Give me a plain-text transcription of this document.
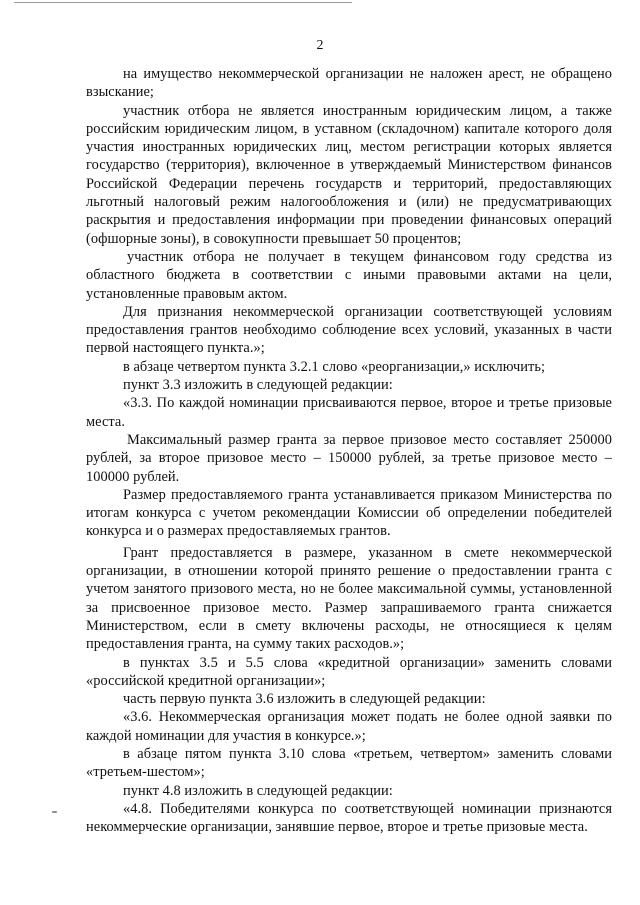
2

на имущество некоммерческой организации не наложен арест, не обращено взыскание;

участник отбора не является иностранным юридическим лицом, а также российским юридическим лицом, в уставном (складочном) капитале которого доля участия иностранных юридических лиц, местом регистрации которых является государство (территория), включенное в утверждаемый Министерством финансов Российской Федерации перечень государств и территорий, предоставляющих льготный налоговый режим налогообложения и (или) не предусматривающих раскрытия и предоставления информации при проведении финансовых операций (офшорные зоны), в совокупности превышает 50 процентов;

участник отбора не получает в текущем финансовом году средства из областного бюджета в соответствии с иными правовыми актами на цели, установленные правовым актом.

Для признания некоммерческой организации соответствующей условиям предоставления грантов необходимо соблюдение всех условий, указанных в части первой настоящего пункта.»;

в абзаце четвертом пункта 3.2.1 слово «реорганизации,» исключить;

пункт 3.3 изложить в следующей редакции:

«3.3. По каждой номинации присваиваются первое, второе и третье призовые места.

Максимальный размер гранта за первое призовое место составляет 250000 рублей, за второе призовое место – 150000 рублей, за третье призовое место – 100000 рублей.

Размер предоставляемого гранта устанавливается приказом Министерства по итогам конкурса с учетом рекомендации Комиссии об определении победителей конкурса и о размерах предоставляемых грантов.

Грант предоставляется в размере, указанном в смете некоммерческой организации, в отношении которой принято решение о предоставлении гранта с учетом занятого призового места, но не более максимальной суммы, установленной за присвоенное призовое место. Размер запрашиваемого гранта снижается Министерством, если в смету включены расходы, не относящиеся к целям предоставления гранта, на сумму таких расходов.»;

в пунктах 3.5 и 5.5 слова «кредитной организации» заменить словами «российской кредитной организации»;

часть первую пункта 3.6 изложить в следующей редакции:

«3.6. Некоммерческая организация может подать не более одной заявки по каждой номинации для участия в конкурсе.»;

в абзаце пятом пункта 3.10 слова «третьем, четвертом» заменить словами «третьем-шестом»;

пункт 4.8 изложить в следующей редакции:

«4.8. Победителями конкурса по соответствующей номинации признаются некоммерческие организации, занявшие первое, второе и третье призовые места.
